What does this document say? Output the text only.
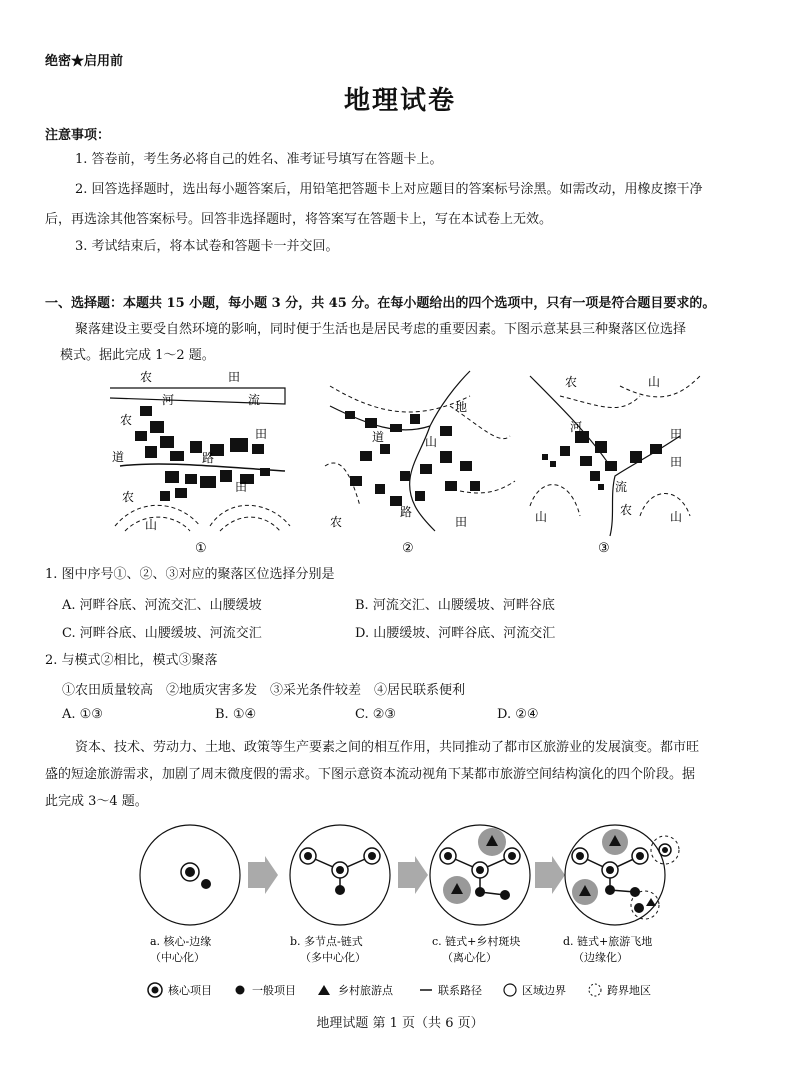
绝密★启用前
地理试卷
注意事项：
1. 答卷前，考生务必将自己的姓名、准考证号填写在答题卡上。
2. 回答选择题时，选出每小题答案后，用铅笔把答题卡上对应题目的答案标号涂黑。如需改动，用橡皮擦干净
后，再选涂其他答案标号。回答非选择题时，将答案写在答题卡上，写在本试卷上无效。
3. 考试结束后，将本试卷和答题卡一并交回。
一、选择题：本题共 15 小题，每小题 3 分，共 45 分。在每小题给出的四个选项中，只有一项是符合题目要求的。
聚落建设主要受自然环境的影响，同时便于生活也是居民考虑的重要因素。下图示意某县三种聚落区位选择
模式。据此完成 1～2 题。
农	田
河	流
农
道	路
田
农
田
山
①
地
道	山
农
路
田
②
农	山
河	田
流
田
山	农	山
③
1. 图中序号①、②、③对应的聚落区位选择分别是
A. 河畔谷底、河流交汇、山腰缓坡	B. 河流交汇、山腰缓坡、河畔谷底
C. 河畔谷底、山腰缓坡、河流交汇	D. 山腰缓坡、河畔谷底、河流交汇
2. 与模式②相比，模式③聚落
①农田质量较高　②地质灾害多发　③采光条件较差　④居民联系便利
A. ①③	B. ①④	C. ②③	D. ②④
资本、技术、劳动力、土地、政策等生产要素之间的相互作用，共同推动了都市区旅游业的发展演变。都市旺
盛的短途旅游需求，加剧了周末微度假的需求。下图示意资本流动视角下某都市旅游空间结构演化的四个阶段。据
此完成 3～4 题。
a. 核心-边缘
（中心化）
b. 多节点-链式
（多中心化）
c. 链式+乡村斑块
（离心化）
d. 链式+旅游飞地
（边缘化）
核心项目	一般项目	乡村旅游点	联系路径	区域边界	跨界地区
地理试题 第 1 页（共 6 页）
